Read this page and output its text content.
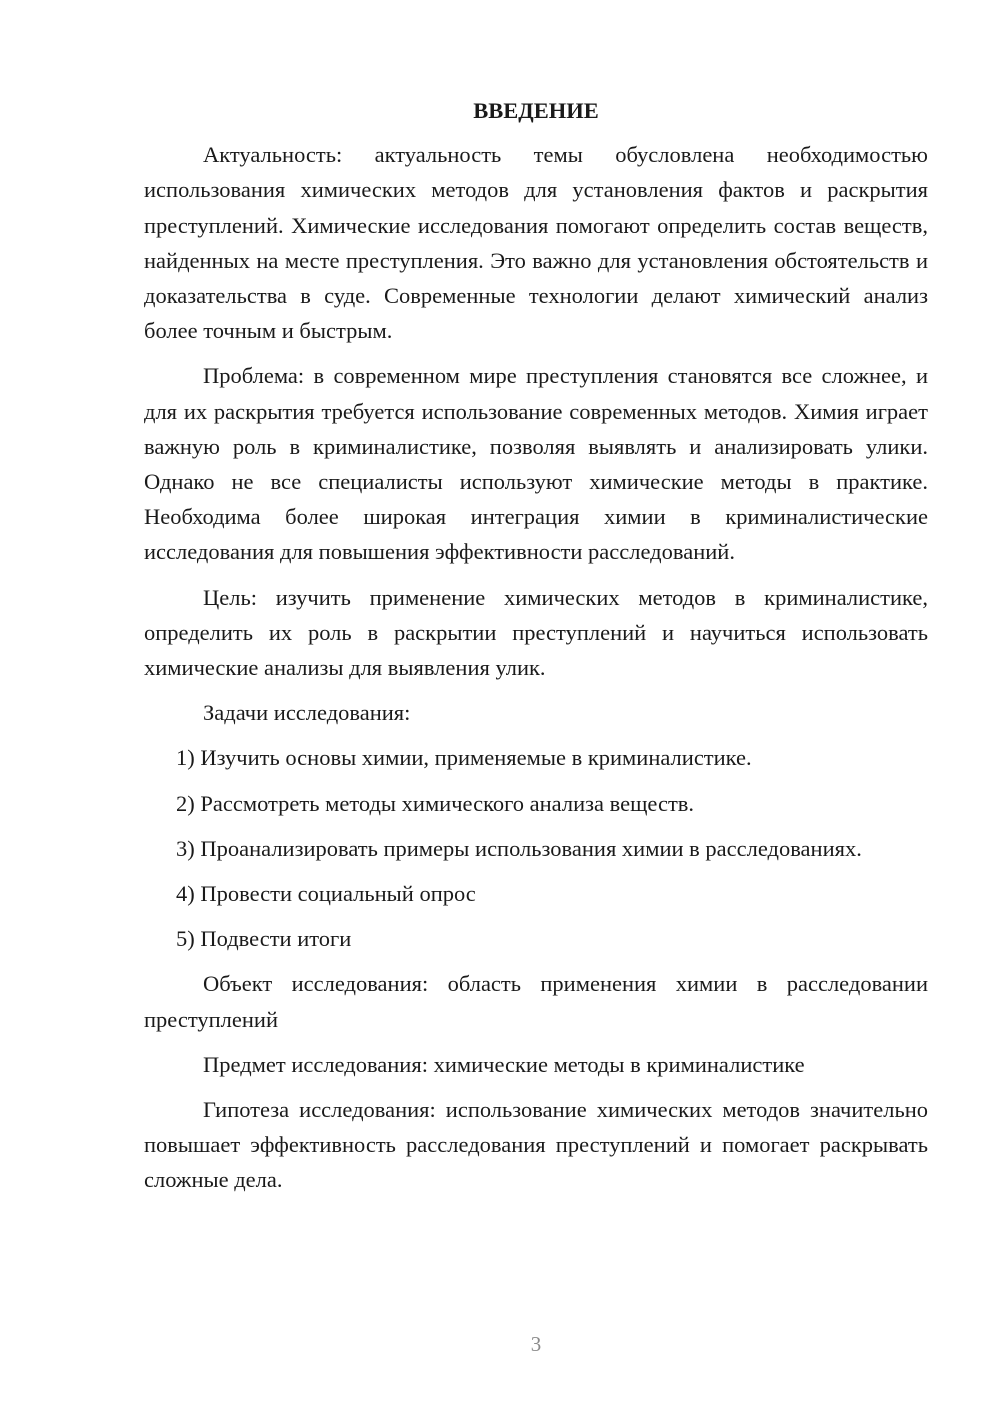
ВВЕДЕНИЕ

Актуальность: актуальность темы обусловлена необходимостью использования химических методов для установления фактов и раскрытия преступлений. Химические исследования помогают определить состав веществ, найденных на месте преступления. Это важно для установления обстоятельств и доказательства в суде. Современные технологии делают химический анализ более точным и быстрым.

Проблема: в современном мире преступления становятся все сложнее, и для их раскрытия требуется использование современных методов. Химия играет важную роль в криминалистике, позволяя выявлять и анализировать улики. Однако не все специалисты используют химические методы в практике. Необходима более широкая интеграция химии в криминалистические исследования для повышения эффективности расследований.

Цель: изучить применение химических методов в криминалистике, определить их роль в раскрытии преступлений и научиться использовать химические анализы для выявления улик.

Задачи исследования:

1) Изучить основы химии, применяемые в криминалистике.

2) Рассмотреть методы химического анализа веществ.

3) Проанализировать примеры использования химии в расследованиях.

4) Провести социальный опрос

5) Подвести итоги

Объект исследования: область применения химии в расследовании преступлений

Предмет исследования: химические методы в криминалистике

Гипотеза исследования: использование химических методов значительно повышает эффективность расследования преступлений и помогает раскрывать сложные дела.

3
